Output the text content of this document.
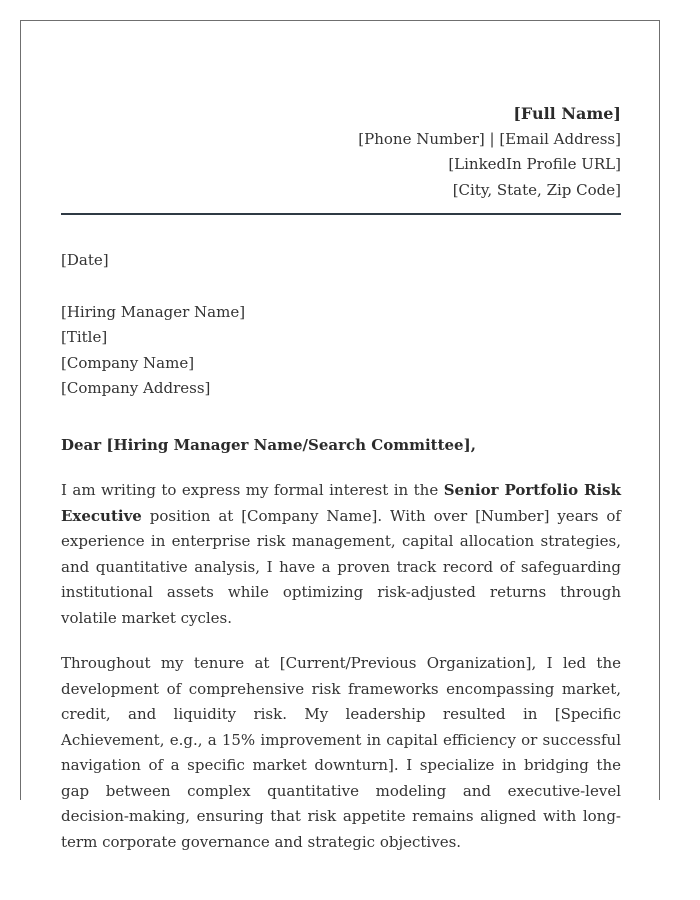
[Full Name]
[Phone Number] | [Email Address]
[LinkedIn Profile URL]
[City, State, Zip Code]
[Date]
[Hiring Manager Name]
[Title]
[Company Name]
[Company Address]
Dear [Hiring Manager Name/Search Committee],
I am writing to express my formal interest in the Senior Portfolio Risk Executive position at [Company Name]. With over [Number] years of experience in enterprise risk management, capital allocation strategies, and quantitative analysis, I have a proven track record of safeguarding institutional assets while optimizing risk-adjusted returns through volatile market cycles.
Throughout my tenure at [Current/Previous Organization], I led the development of comprehensive risk frameworks encompassing market, credit, and liquidity risk. My leadership resulted in [Specific Achievement, e.g., a 15% improvement in capital efficiency or successful navigation of a specific market downturn]. I specialize in bridging the gap between complex quantitative modeling and executive-level decision-making, ensuring that risk appetite remains aligned with long-term corporate governance and strategic objectives.
